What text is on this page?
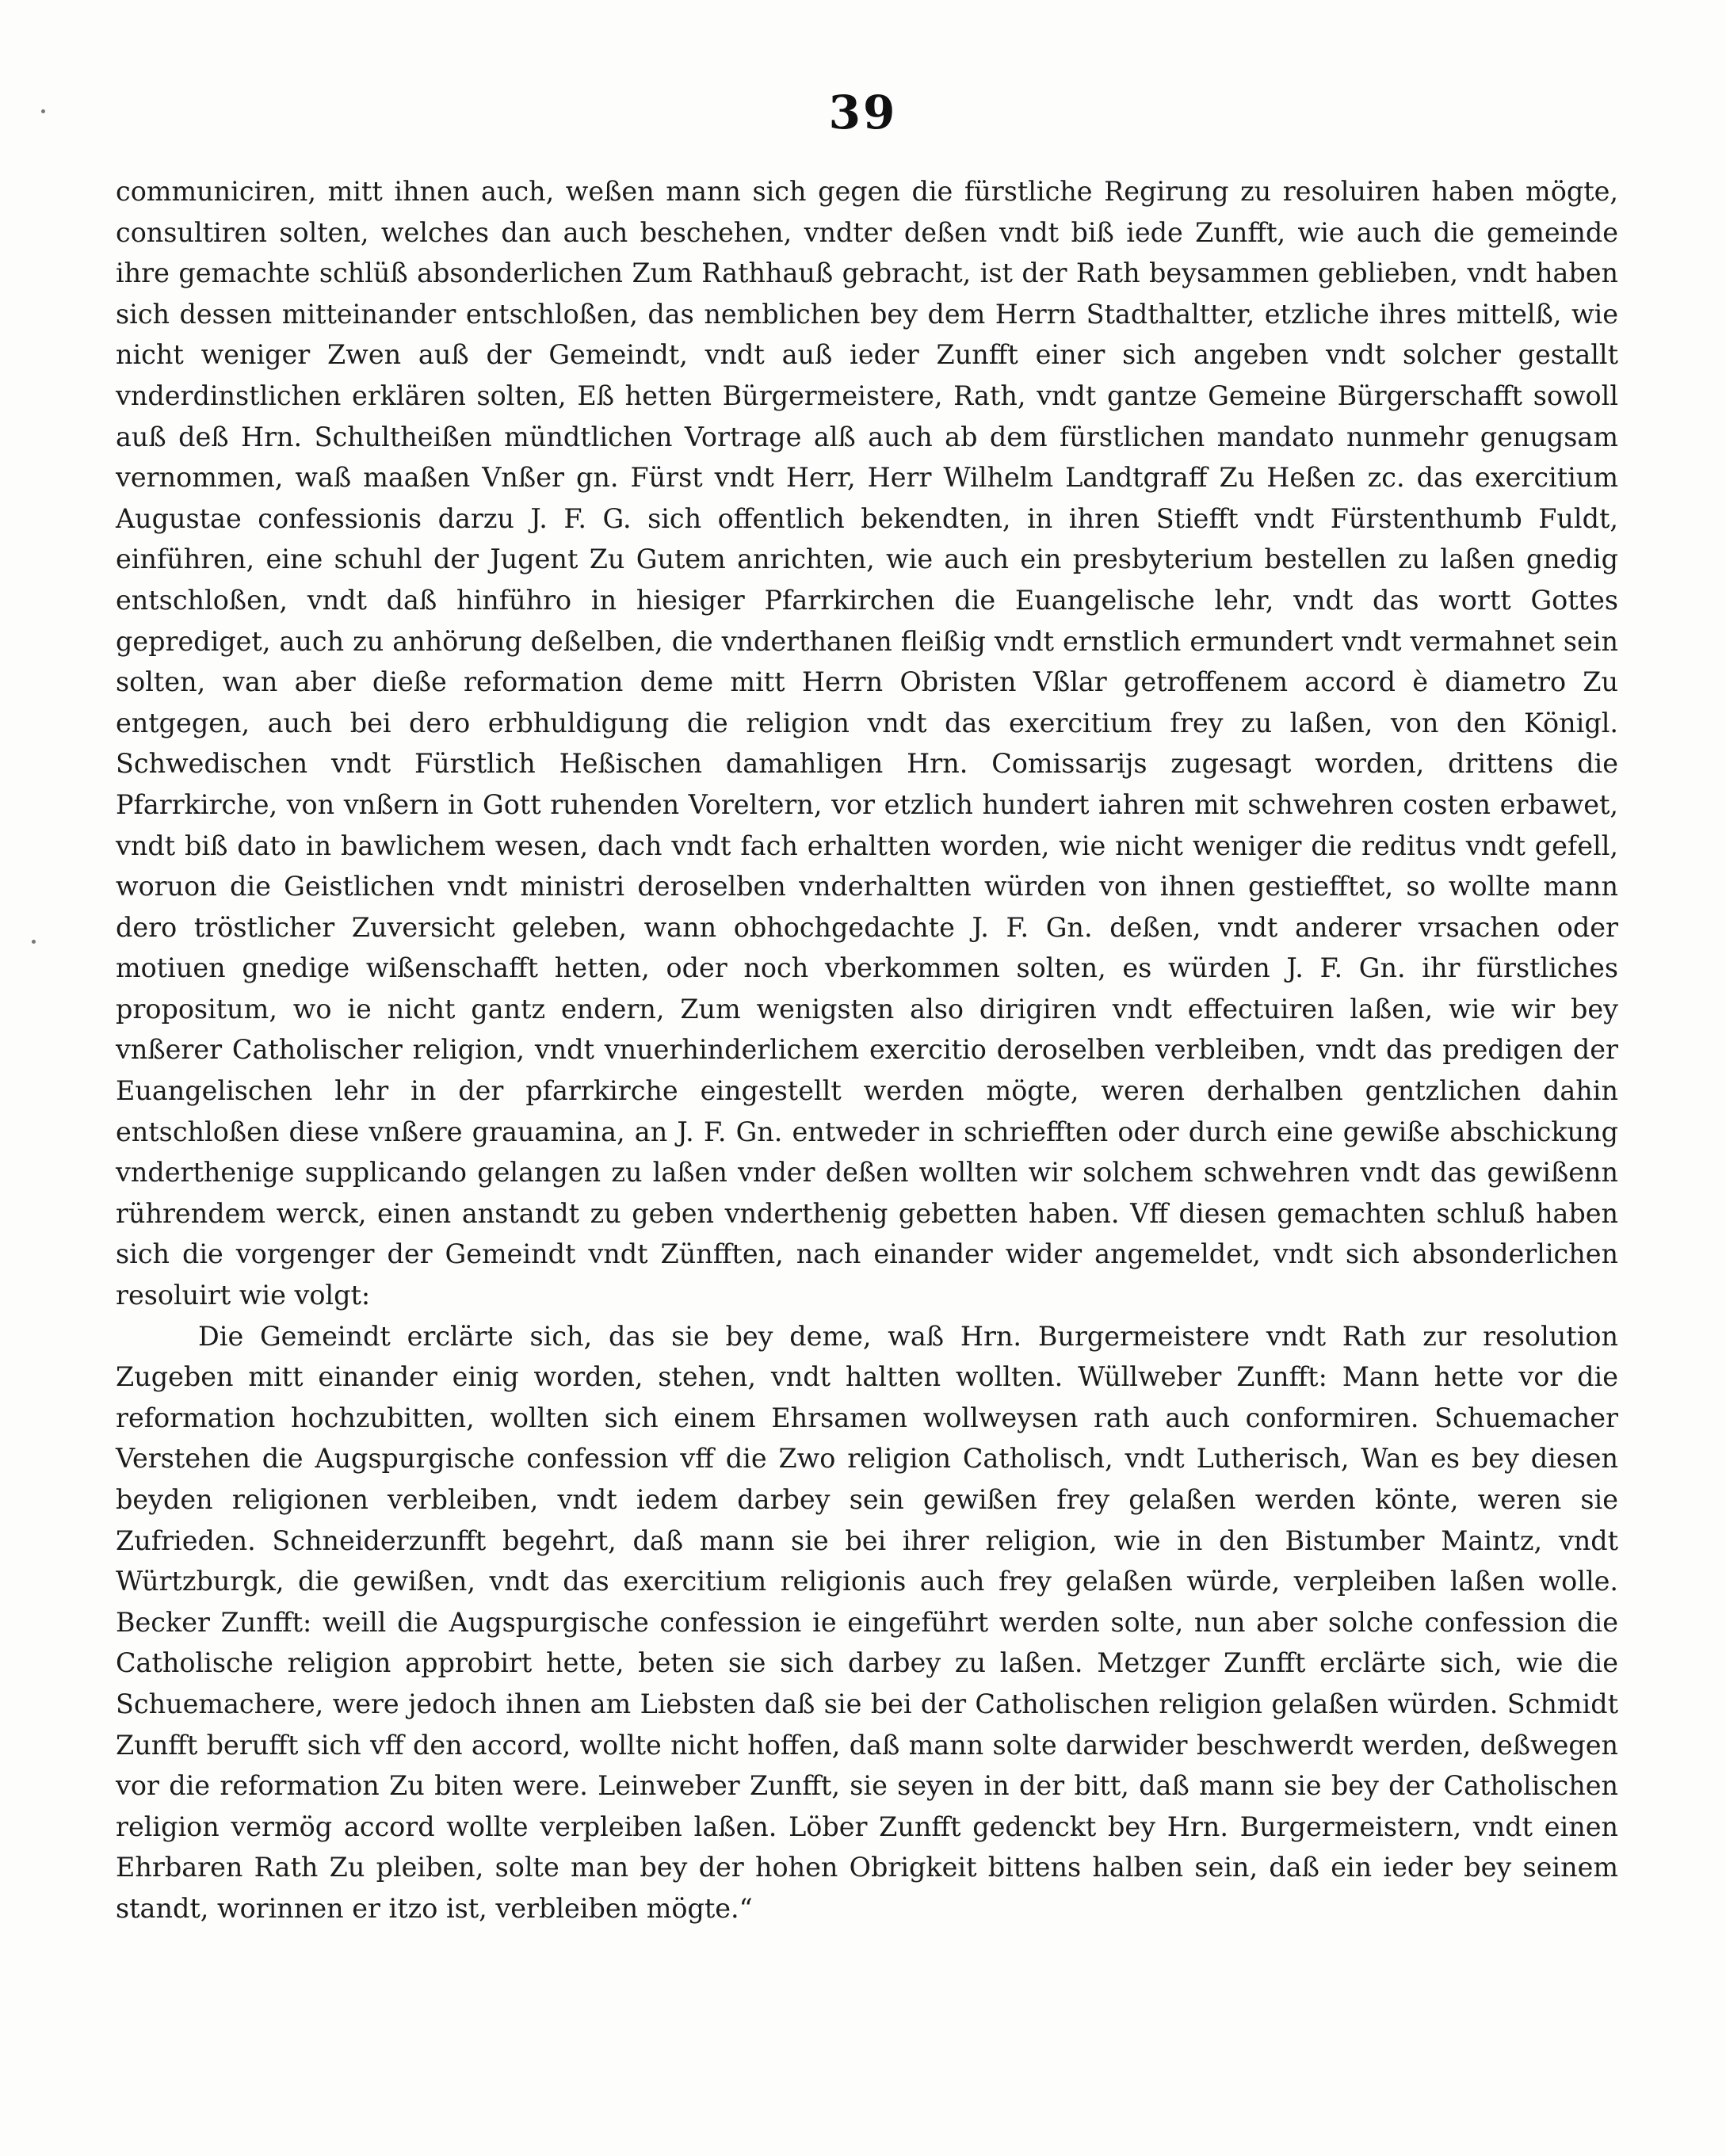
39

communiciren, mitt ihnen auch, weßen mann sich gegen die fürstliche Regirung zu resoluiren haben mögte, consultiren solten, welches dan auch beschehen, vndter deßen vndt biß iede Zunfft, wie auch die gemeinde ihre gemachte schlüß absonderlichen Zum Rathhauß gebracht, ist der Rath beysammen geblieben, vndt haben sich dessen mitteinander entschloßen, das nemblichen bey dem Herrn Stadthaltter, etzliche ihres mittelß, wie nicht weniger Zwen auß der Gemeindt, vndt auß ieder Zunfft einer sich angeben vndt solcher gestallt vnderdinstlichen erklären solten, Eß hetten Bürgermeistere, Rath, vndt gantze Gemeine Bürgerschafft sowoll auß deß Hrn. Schultheißen mündtlichen Vortrage alß auch ab dem fürstlichen mandato nunmehr genugsam vernommen, waß maaßen Vnßer gn. Fürst vndt Herr, Herr Wilhelm Landtgraff Zu Heßen zc. das exercitium Augustae confessionis darzu J. F. G. sich offentlich bekendten, in ihren Stiefft vndt Fürstenthumb Fuldt, einführen, eine schuhl der Jugent Zu Gutem anrichten, wie auch ein presbyterium bestellen zu laßen gnedig entschloßen, vndt daß hinführo in hiesiger Pfarrkirchen die Euangelische lehr, vndt das wortt Gottes geprediget, auch zu anhörung deßelben, die vnderthanen fleißig vndt ernstlich ermundert vndt vermahnet sein solten, wan aber dieße reformation deme mitt Herrn Obristen Vßlar getroffenem accord è diametro Zu entgegen, auch bei dero erbhuldigung die religion vndt das exercitium frey zu laßen, von den Königl. Schwedischen vndt Fürstlich Heßischen damahligen Hrn. Comissarijs zugesagt worden, drittens die Pfarrkirche, von vnßern in Gott ruhenden Voreltern, vor etzlich hundert iahren mit schwehren costen erbawet, vndt biß dato in bawlichem wesen, dach vndt fach erhaltten worden, wie nicht weniger die reditus vndt gefell, woruon die Geistlichen vndt ministri deroselben vnderhaltten würden von ihnen gestiefftet, so wollte mann dero tröstlicher Zuversicht geleben, wann obhochgedachte J. F. Gn. deßen, vndt anderer vrsachen oder motiuen gnedige wißenschafft hetten, oder noch vberkommen solten, es würden J. F. Gn. ihr fürstliches propositum, wo ie nicht gantz endern, Zum wenigsten also dirigiren vndt effectuiren laßen, wie wir bey vnßerer Catholischer religion, vndt vnuerhinderlichem exercitio deroselben verbleiben, vndt das predigen der Euangelischen lehr in der pfarrkirche eingestellt werden mögte, weren derhalben gentzlichen dahin entschloßen diese vnßere grauamina, an J. F. Gn. entweder in schriefften oder durch eine gewiße abschickung vnderthenige supplicando gelangen zu laßen vnder deßen wollten wir solchem schwehren vndt das gewißenn rührendem werck, einen anstandt zu geben vnderthenig gebetten haben. Vff diesen gemachten schluß haben sich die vorgenger der Gemeindt vndt Zünfften, nach einander wider angemeldet, vndt sich absonderlichen resoluirt wie volgt:

Die Gemeindt erclärte sich, das sie bey deme, waß Hrn. Burgermeistere vndt Rath zur resolution Zugeben mitt einander einig worden, stehen, vndt haltten wollten. Wüllweber Zunfft: Mann hette vor die reformation hochzubitten, wollten sich einem Ehrsamen wollweysen rath auch conformiren. Schuemacher Verstehen die Augspurgische confession vff die Zwo religion Catholisch, vndt Lutherisch, Wan es bey diesen beyden religionen verbleiben, vndt iedem darbey sein gewißen frey gelaßen werden könte, weren sie Zufrieden. Schneiderzunfft begehrt, daß mann sie bei ihrer religion, wie in den Bistumber Maintz, vndt Würtzburgk, die gewißen, vndt das exercitium religionis auch frey gelaßen würde, verpleiben laßen wolle. Becker Zunfft: weill die Augspurgische confession ie eingeführt werden solte, nun aber solche confession die Catholische religion approbirt hette, beten sie sich darbey zu laßen. Metzger Zunfft erclärte sich, wie die Schuemachere, were jedoch ihnen am Liebsten daß sie bei der Catholischen religion gelaßen würden. Schmidt Zunfft berufft sich vff den accord, wollte nicht hoffen, daß mann solte darwider beschwerdt werden, deßwegen vor die reformation Zu biten were. Leinweber Zunfft, sie seyen in der bitt, daß mann sie bey der Catholischen religion vermög accord wollte verpleiben laßen. Löber Zunfft gedenckt bey Hrn. Burgermeistern, vndt einen Ehrbaren Rath Zu pleiben, solte man bey der hohen Obrigkeit bittens halben sein, daß ein ieder bey seinem standt, worinnen er itzo ist, verbleiben mögte.“
